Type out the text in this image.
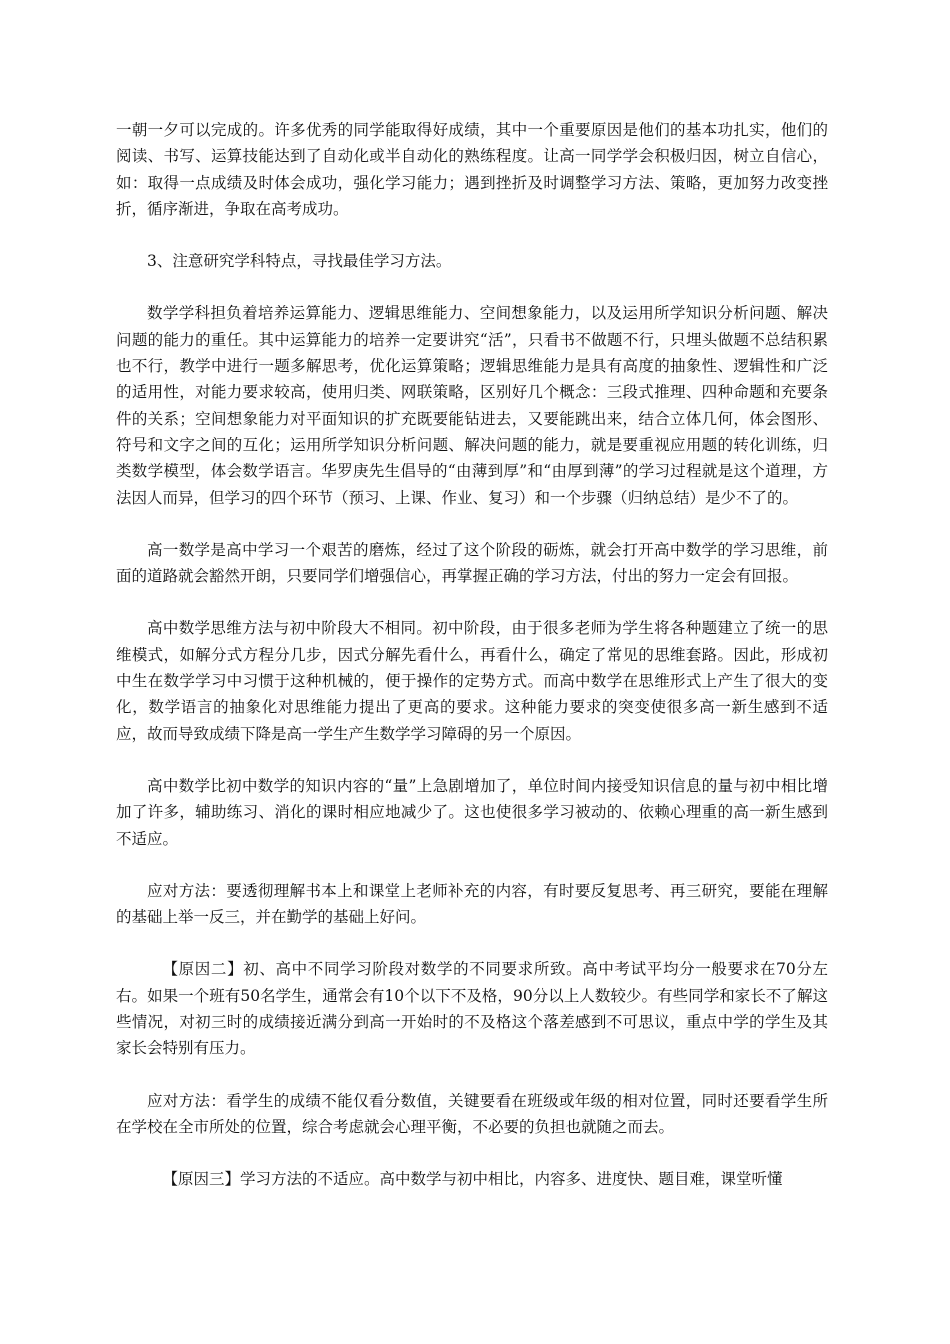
一朝一夕可以完成的。许多优秀的同学能取得好成绩，其中一个重要原因是他们的基本功扎实，他们的阅读、书写、运算技能达到了自动化或半自动化的熟练程度。让高一同学学会积极归因，树立自信心，如：取得一点成绩及时体会成功，强化学习能力；遇到挫折及时调整学习方法、策略，更加努力改变挫折，循序渐进，争取在高考成功。

3、注意研究学科特点，寻找最佳学习方法。

数学学科担负着培养运算能力、逻辑思维能力、空间想象能力，以及运用所学知识分析问题、解决问题的能力的重任。其中运算能力的培养一定要讲究“活”，只看书不做题不行，只埋头做题不总结积累也不行，教学中进行一题多解思考，优化运算策略；逻辑思维能力是具有高度的抽象性、逻辑性和广泛的适用性，对能力要求较高，使用归类、网联策略，区别好几个概念：三段式推理、四种命题和充要条件的关系；空间想象能力对平面知识的扩充既要能钻进去，又要能跳出来，结合立体几何，体会图形、符号和文字之间的互化；运用所学知识分析问题、解决问题的能力，就是要重视应用题的转化训练，归类数学模型，体会数学语言。华罗庚先生倡导的“由薄到厚”和“由厚到薄”的学习过程就是这个道理，方法因人而异，但学习的四个环节（预习、上课、作业、复习）和一个步骤（归纳总结）是少不了的。

高一数学是高中学习一个艰苦的磨炼，经过了这个阶段的砺炼，就会打开高中数学的学习思维，前面的道路就会豁然开朗，只要同学们增强信心，再掌握正确的学习方法，付出的努力一定会有回报。

高中数学思维方法与初中阶段大不相同。初中阶段，由于很多老师为学生将各种题建立了统一的思维模式，如解分式方程分几步，因式分解先看什么，再看什么，确定了常见的思维套路。因此，形成初中生在数学学习中习惯于这种机械的，便于操作的定势方式。而高中数学在思维形式上产生了很大的变化，数学语言的抽象化对思维能力提出了更高的要求。这种能力要求的突变使很多高一新生感到不适应，故而导致成绩下降是高一学生产生数学学习障碍的另一个原因。

高中数学比初中数学的知识内容的“量”上急剧增加了，单位时间内接受知识信息的量与初中相比增加了许多，辅助练习、消化的课时相应地减少了。这也使很多学习被动的、依赖心理重的高一新生感到不适应。

应对方法：要透彻理解书本上和课堂上老师补充的内容，有时要反复思考、再三研究，要能在理解的基础上举一反三，并在勤学的基础上好问。

【原因二】初、高中不同学习阶段对数学的不同要求所致。高中考试平均分一般要求在70分左右。如果一个班有50名学生，通常会有10个以下不及格，90分以上人数较少。有些同学和家长不了解这些情况，对初三时的成绩接近满分到高一开始时的不及格这个落差感到不可思议，重点中学的学生及其家长会特别有压力。

应对方法：看学生的成绩不能仅看分数值，关键要看在班级或年级的相对位置，同时还要看学生所在学校在全市所处的位置，综合考虑就会心理平衡，不必要的负担也就随之而去。

【原因三】学习方法的不适应。高中数学与初中相比，内容多、进度快、题目难，课堂听懂
